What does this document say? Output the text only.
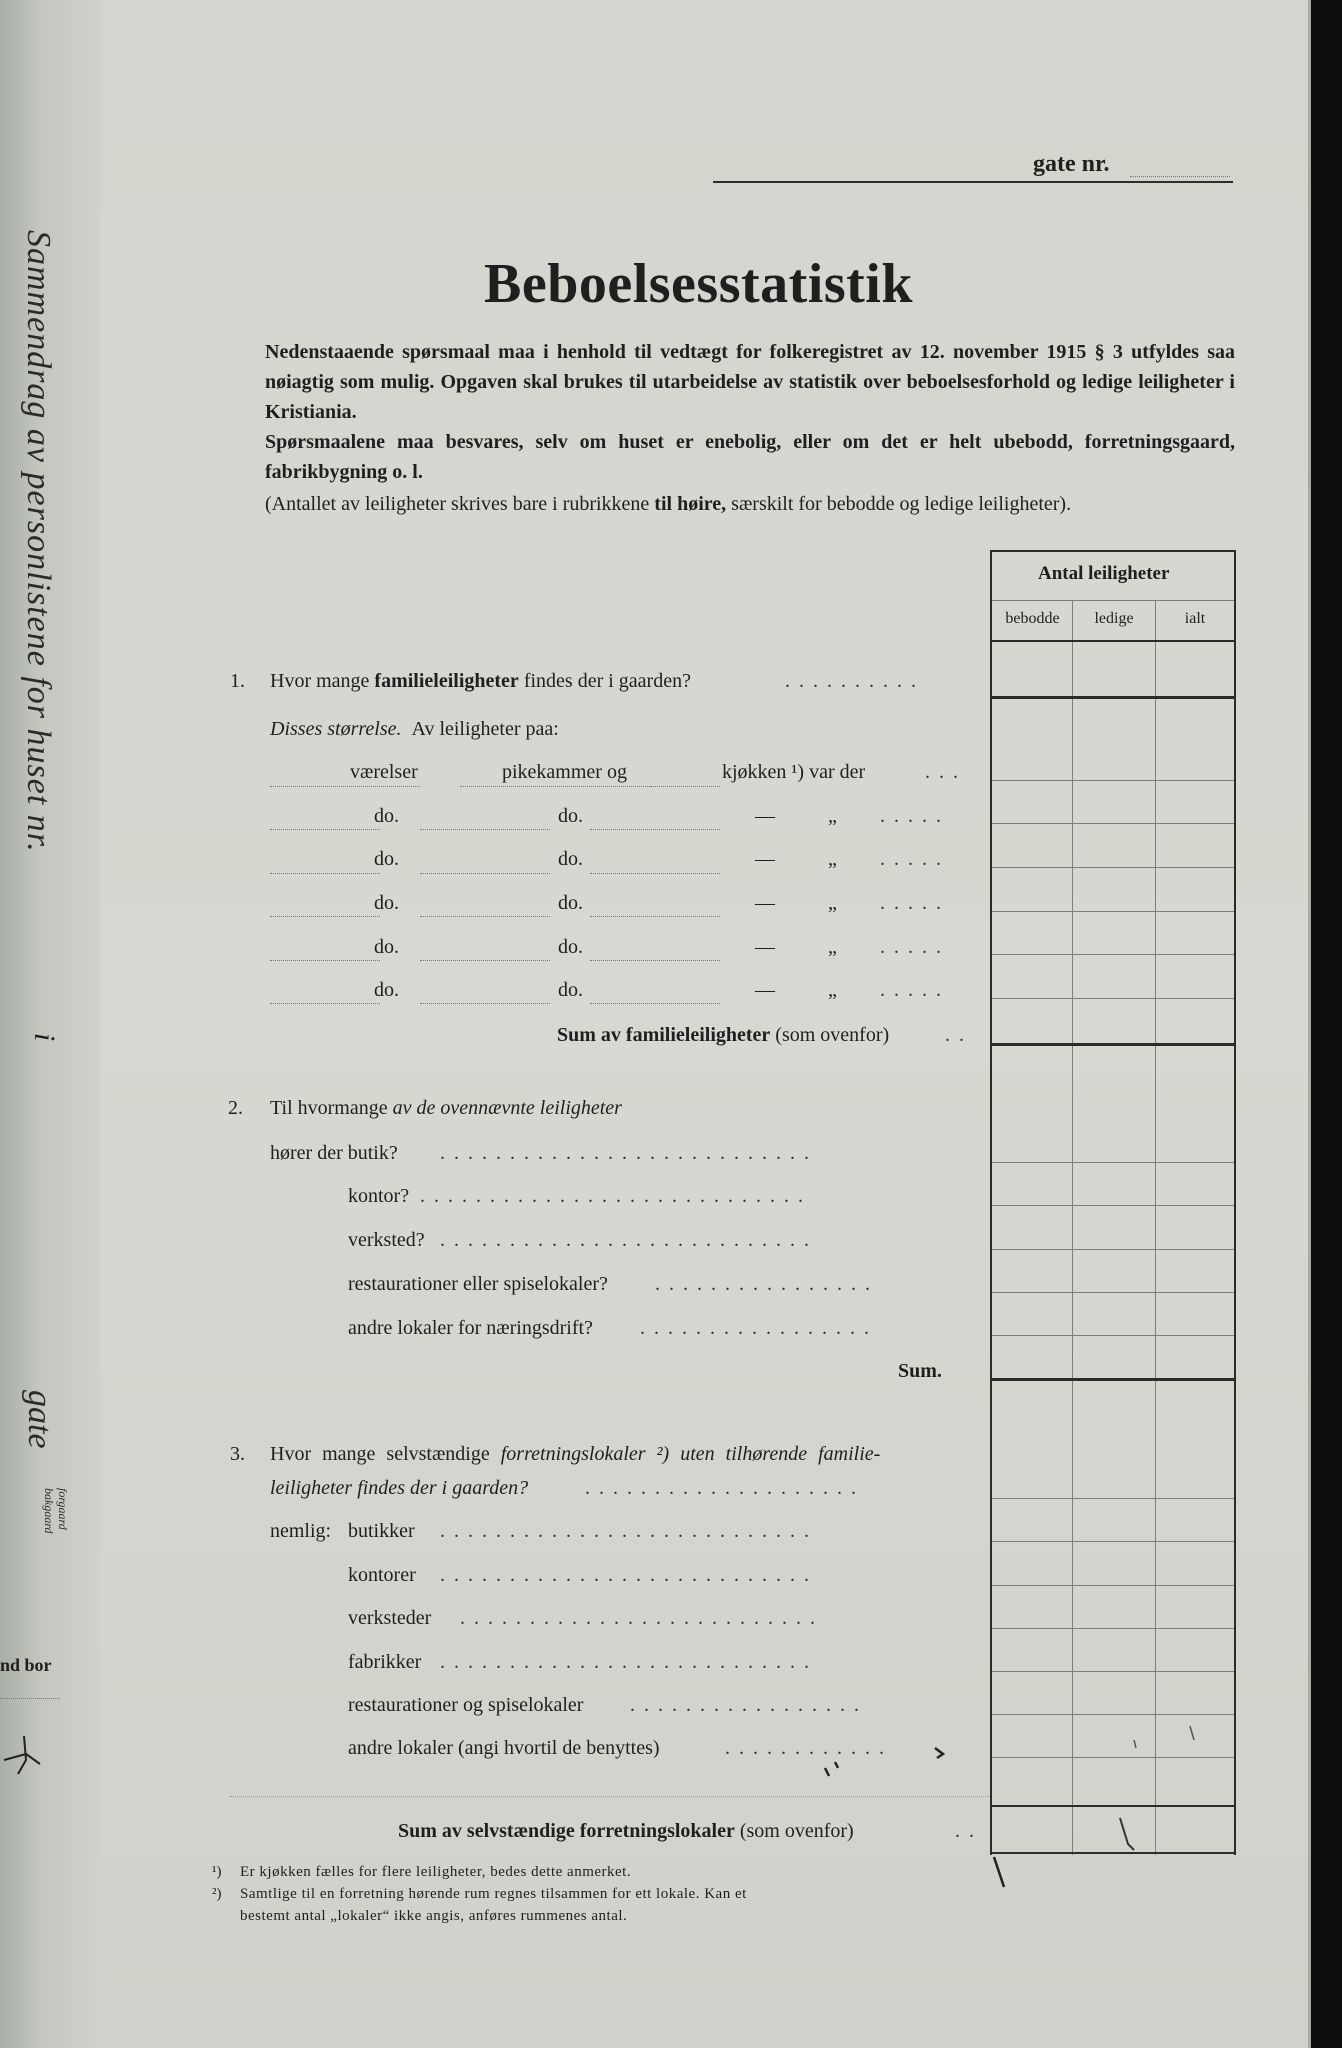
Sammendrag av personlistene for huset nr.
i
gate
forgaard
bakgaard
nd bor
gate nr.
Beboelsesstatistik
Nedenstaaende spørsmaal maa i henhold til vedtægt for folkeregistret av 12. november 1915 § 3 utfyldes saa nøiagtig som mulig. Opgaven skal brukes til utarbeidelse av statistik over beboelsesforhold og ledige leiligheter i Kristiania.
Spørsmaalene maa besvares, selv om huset er enebolig, eller om det er helt ubebodd, forretningsgaard, fabrikbygning o. l.
(Antallet av leiligheter skrives bare i rubrikkene til høire, særskilt for bebodde og ledige leiligheter).
Antal leiligheter
bebodde	ledige	ialt
1. Hvor mange familieleiligheter findes der i gaarden?	..........
Disses størrelse. Av leiligheter paa:
værelser	pikekammer og	kjøkken ¹) var der	...
do.	do.	—	„ .....
do.	do.	—	„ .....
do.	do.	—	„ .....
do.	do.	—	„ .....
do.	do.	—	„ .....
Sum av familieleiligheter (som ovenfor)	..
2. Til hvormange av de ovennævnte leiligheter
hører der butik? ...........................
kontor? ............................
verksted? ...........................
restaurationer eller spiselokaler? ................
andre lokaler for næringsdrift? .................
Sum.
3. Hvor mange selvstændige forretningslokaler ²) uten tilhørende familie-
leiligheter findes der i gaarden?	....................
nemlig: butikker ...........................
kontorer ...........................
verksteder ..........................
fabrikker ...........................
restaurationer og spiselokaler .................
andre lokaler (angi hvortil de benyttes)	............
Sum av selvstændige forretningslokaler (som ovenfor)	..
¹) Er kjøkken fælles for flere leiligheter, bedes dette anmerket.
²) Samtlige til en forretning hørende rum regnes tilsammen for ett lokale. Kan et
bestemt antal „lokaler“ ikke angis, anføres rummenes antal.
